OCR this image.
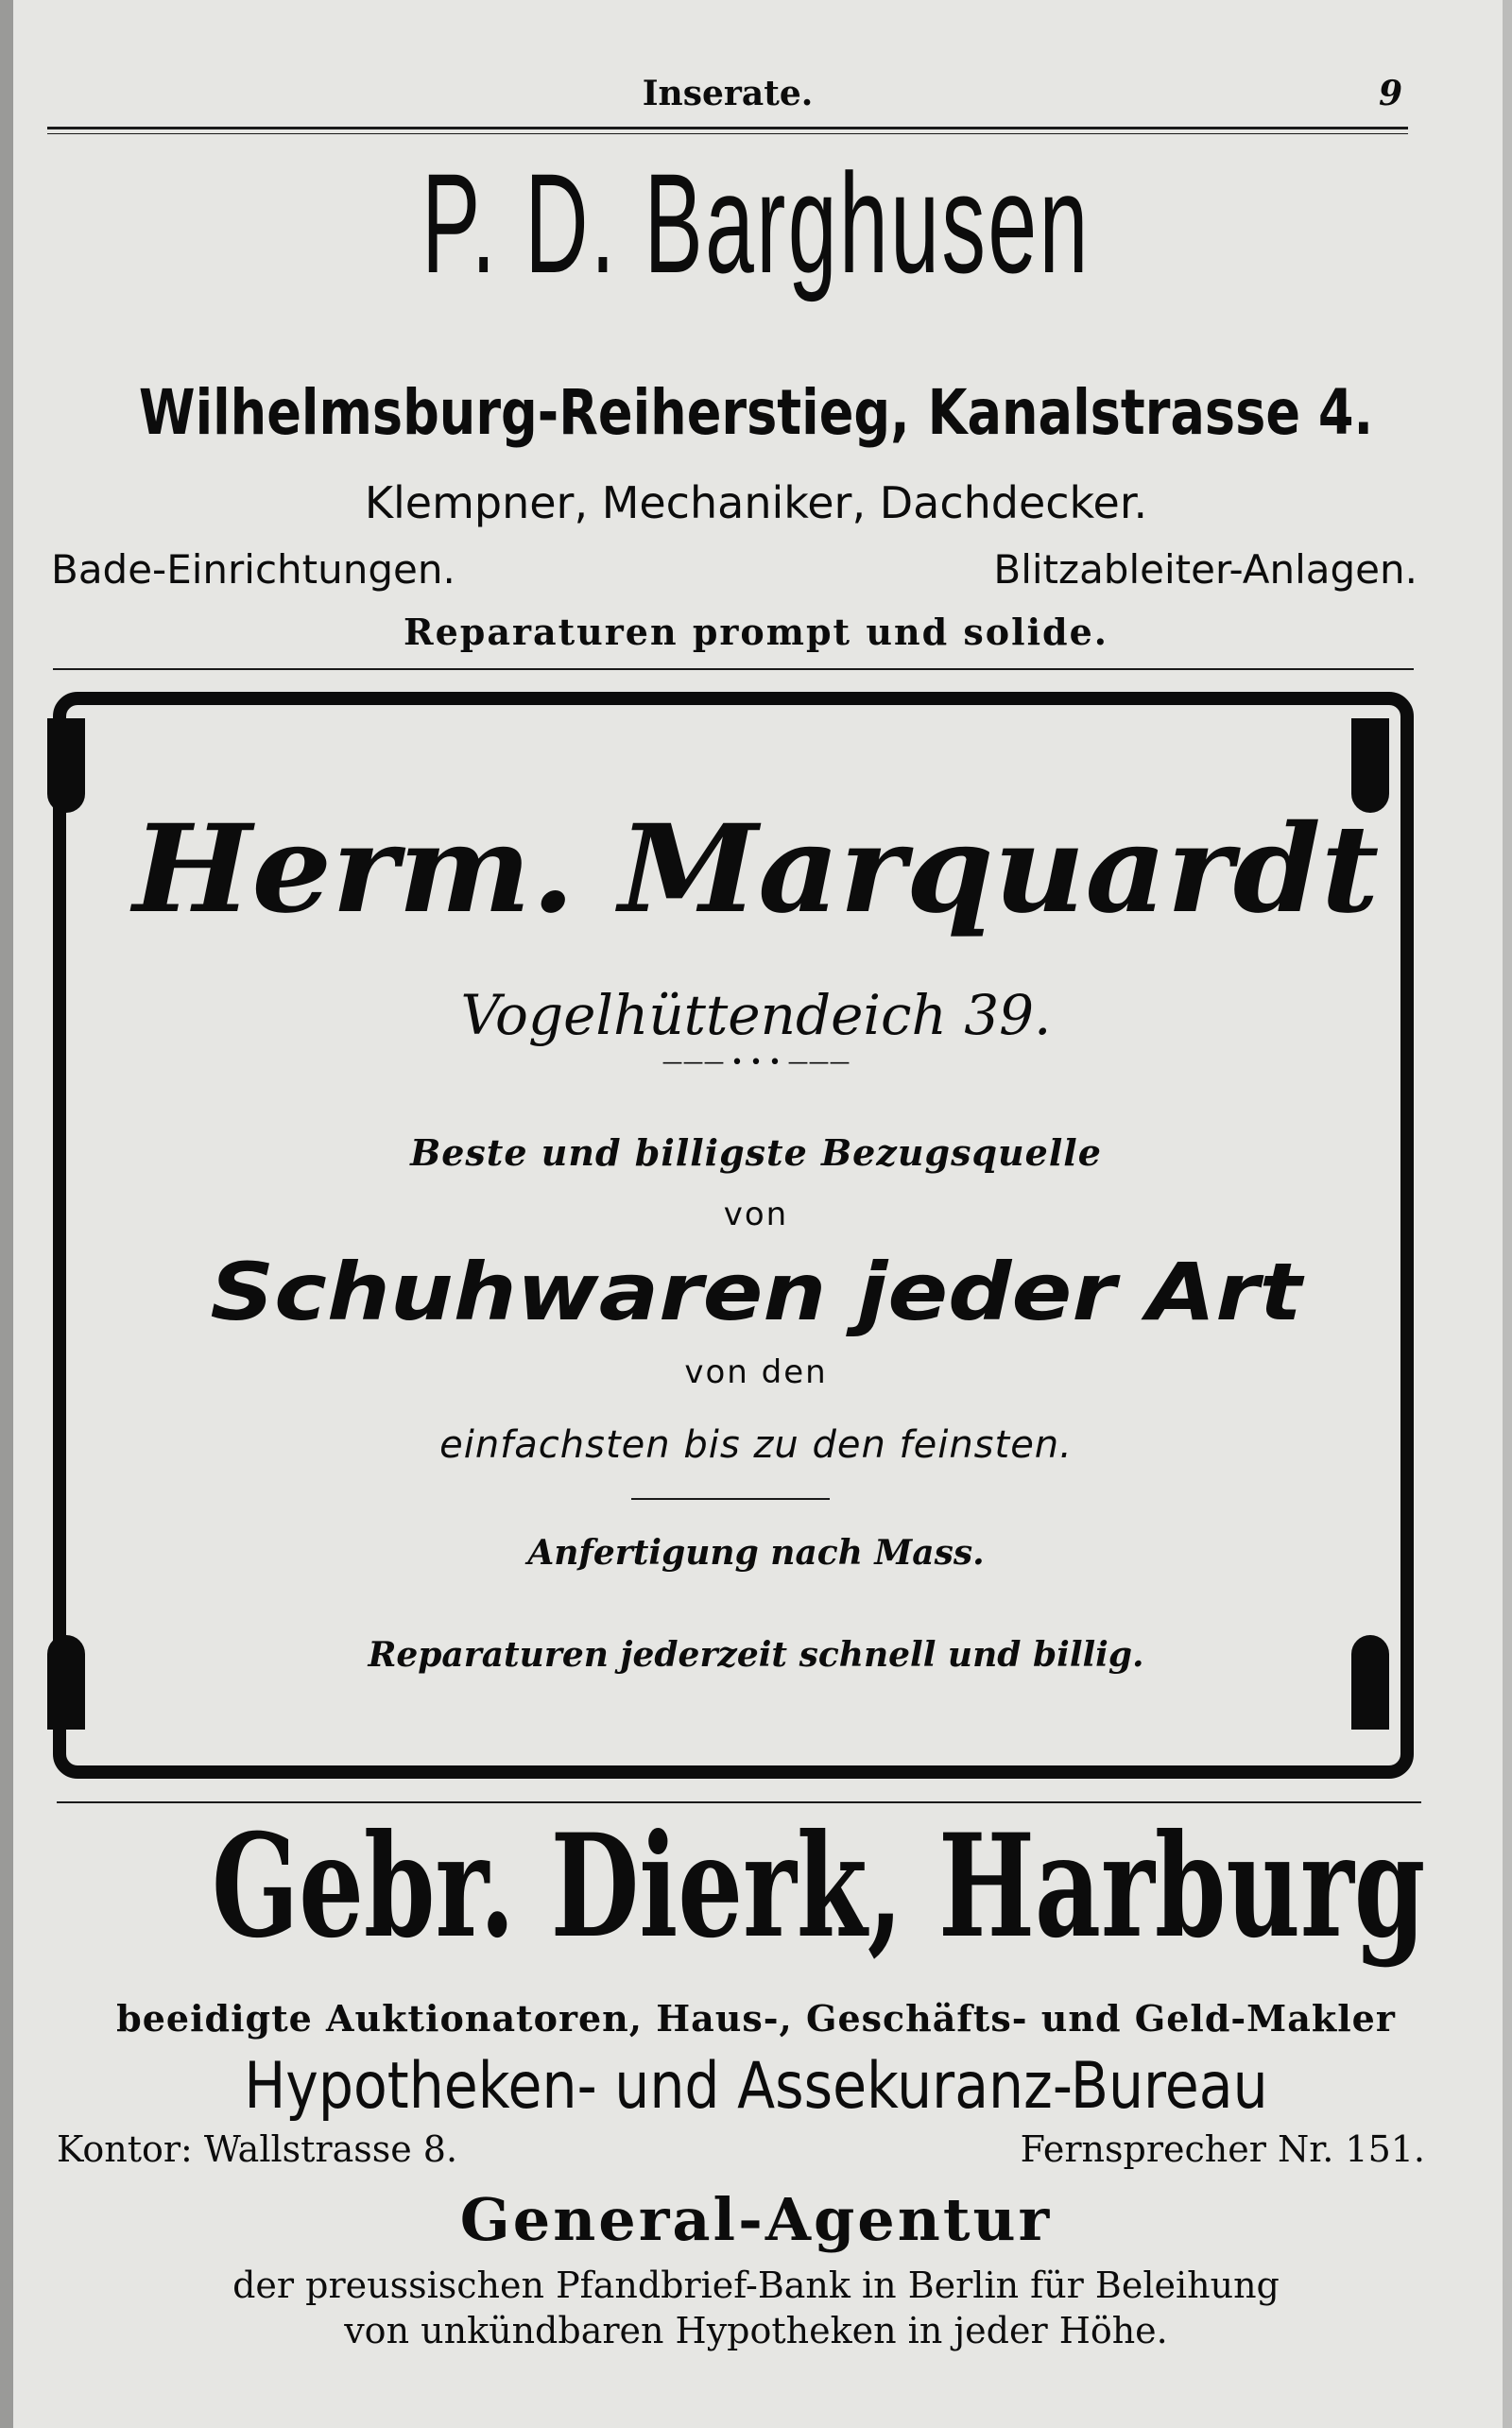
Inserate.	9
P. D. Barghusen
Wilhelmsburg-Reiherstieg, Kanalstrasse 4.
Klempner, Mechaniker, Dachdecker.
Bade-Einrichtungen.	Blitzableiter-Anlagen.
Reparaturen prompt und solide.
Herm. Marquardt
Vogelhüttendeich 39.
——— • • • ———
Beste und billigste Bezugsquelle
von
Schuhwaren jeder Art
von den
einfachsten bis zu den feinsten.
Anfertigung nach Mass.
Reparaturen jederzeit schnell und billig.
Gebr. Dierk, Harburg
beeidigte Auktionatoren, Haus-, Geschäfts- und Geld-Makler
Hypotheken- und Assekuranz-Bureau
Kontor: Wallstrasse 8.	Fernsprecher Nr. 151.
General-Agentur
der preussischen Pfandbrief-Bank in Berlin für Beleihung
von unkündbaren Hypotheken in jeder Höhe.
